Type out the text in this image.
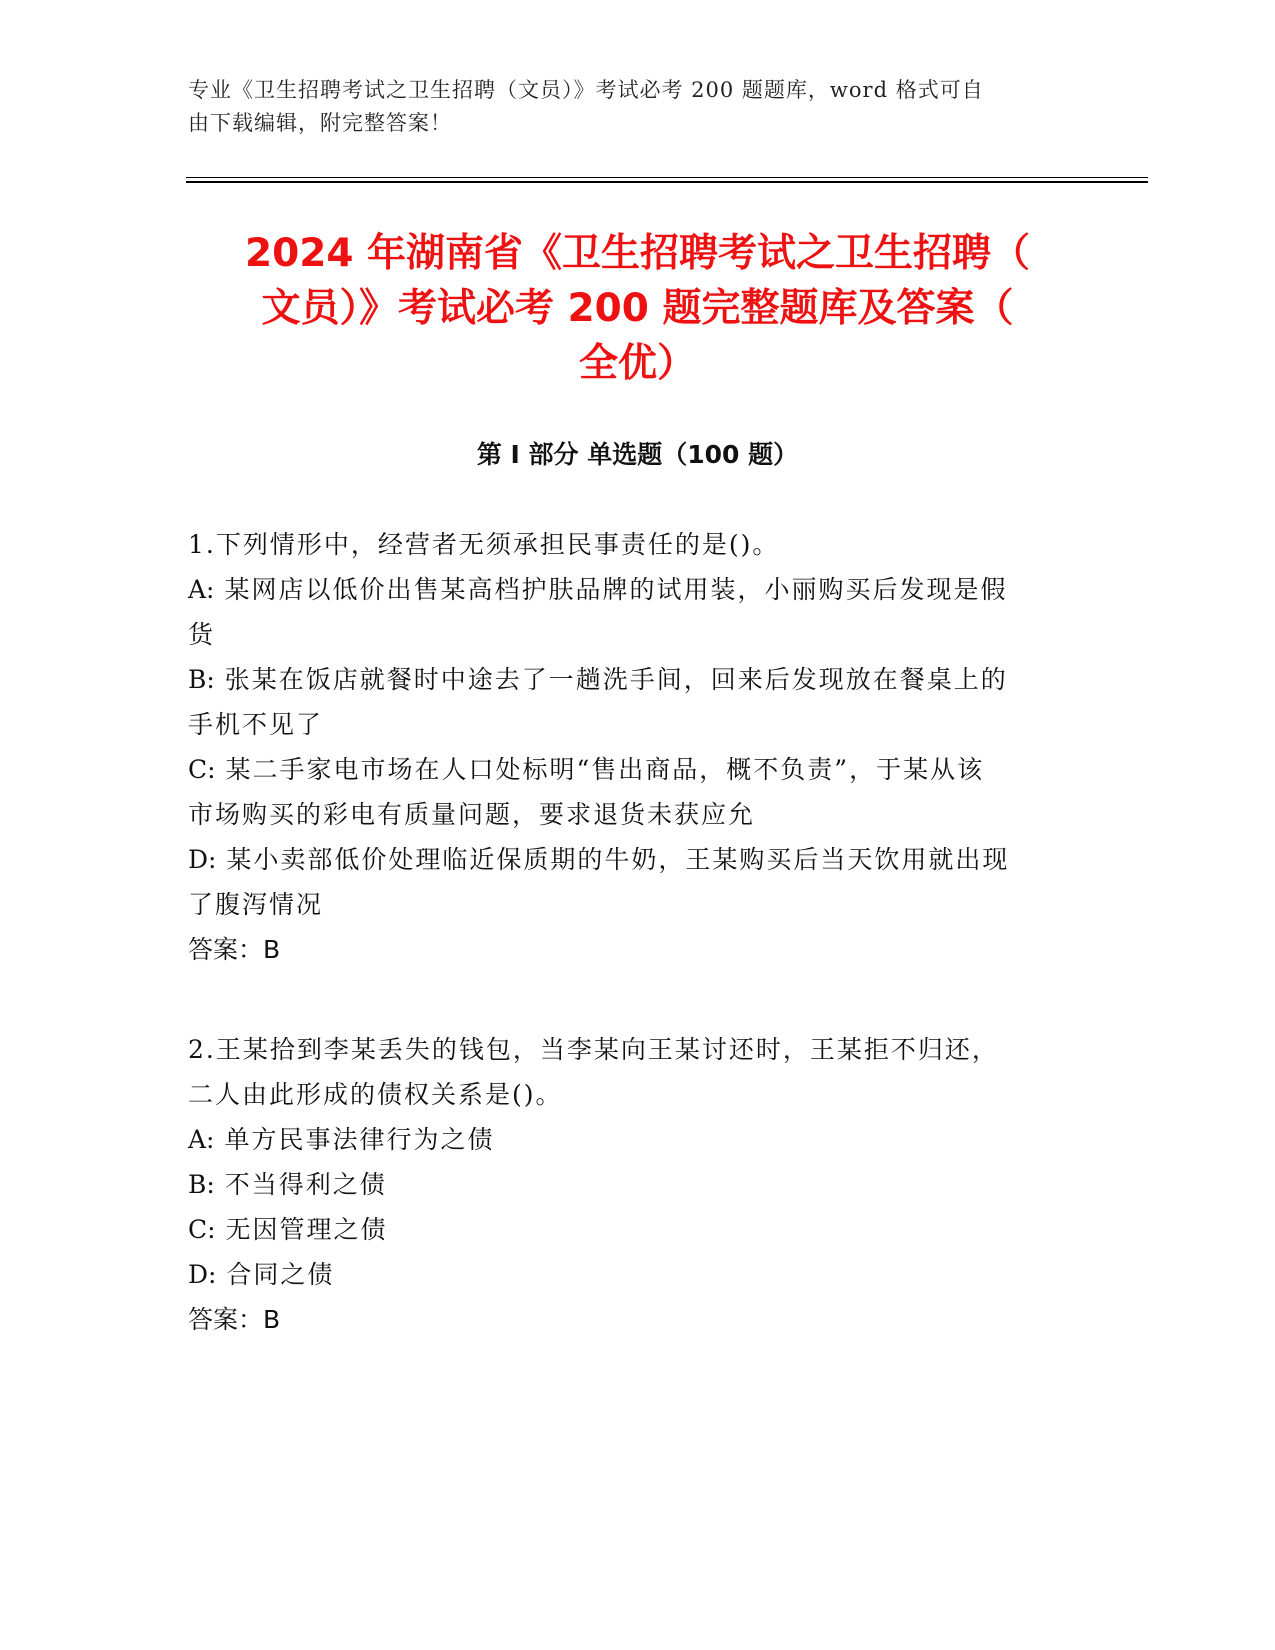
专业《卫生招聘考试之卫生招聘（文员）》考试必考 200 题题库，word 格式可自
由下载编辑，附完整答案！
2024 年湖南省《卫生招聘考试之卫生招聘（
文员）》考试必考 200 题完整题库及答案（
全优）
第 I 部分 单选题（100 题）

1.下列情形中，经营者无须承担民事责任的是()。

A: 某网店以低价出售某高档护肤品牌的试用装，小丽购买后发现是假

货

B: 张某在饭店就餐时中途去了一趟洗手间，回来后发现放在餐桌上的

手机不见了

C: 某二手家电市场在人口处标明“售出商品，概不负责”，于某从该

市场购买的彩电有质量问题，要求退货未获应允

D: 某小卖部低价处理临近保质期的牛奶，王某购买后当天饮用就出现

了腹泻情况

答案：B

2.王某拾到李某丢失的钱包，当李某向王某讨还时，王某拒不归还，

二人由此形成的债权关系是()。

A: 单方民事法律行为之债

B: 不当得利之债

C: 无因管理之债

D: 合同之债

答案：B
